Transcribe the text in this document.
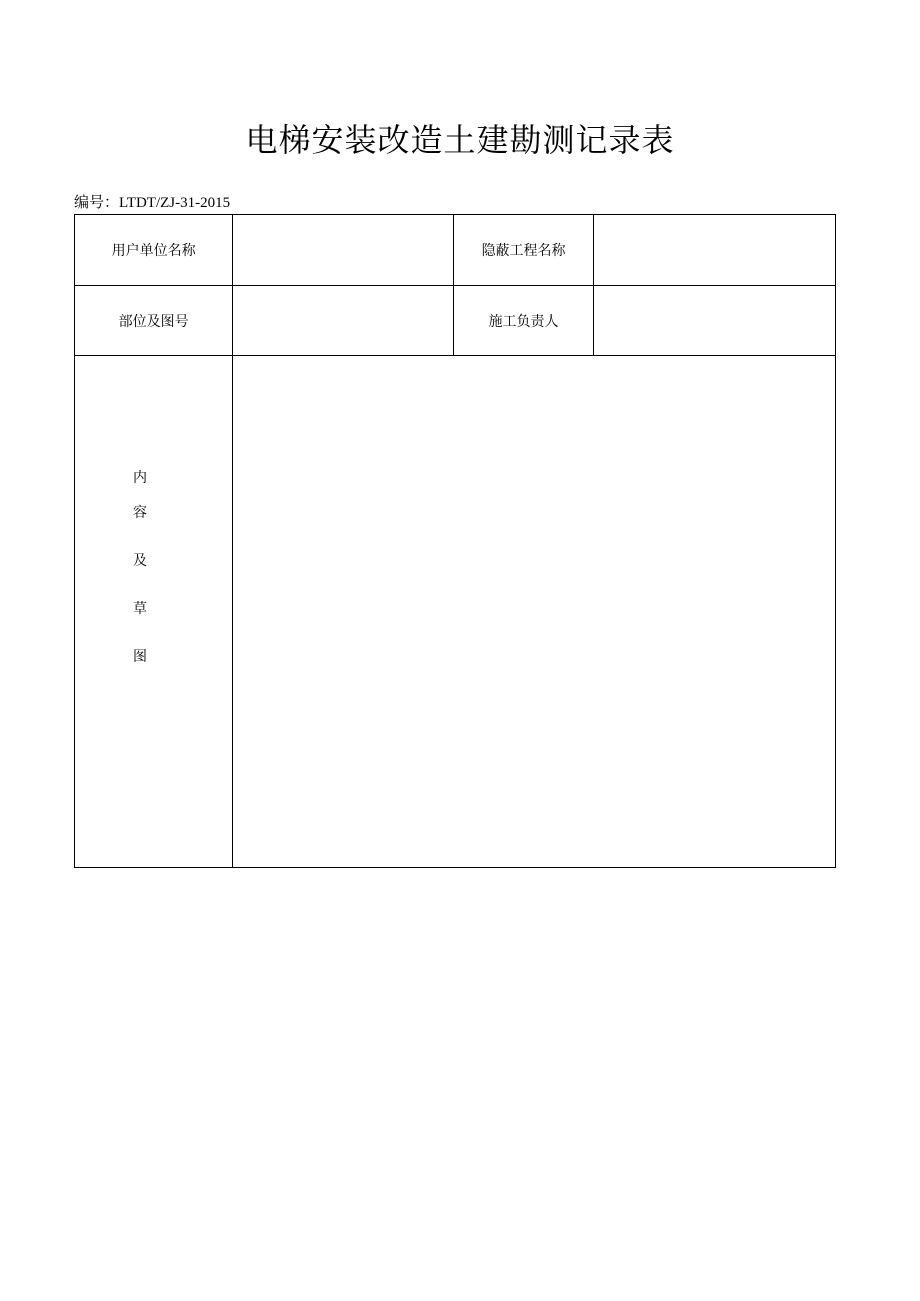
电梯安装改造土建勘测记录表
编号：LTDT/ZJ-31-2015
用户单位名称		隐蔽工程名称	
部位及图号		施工负责人	

内
容
及
草
图			
